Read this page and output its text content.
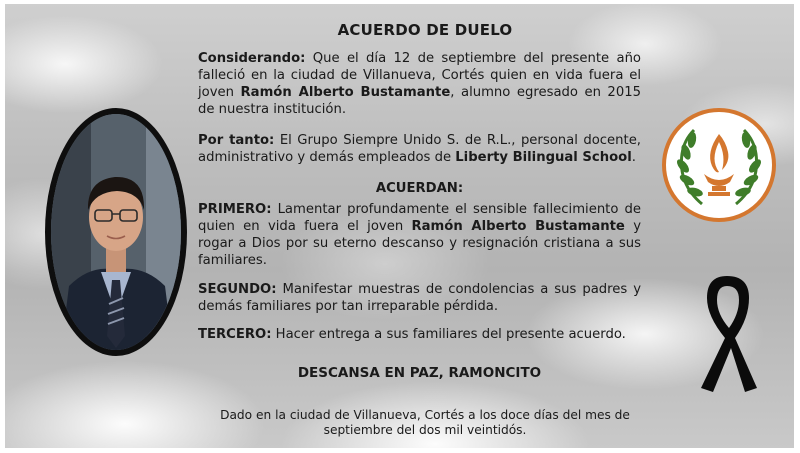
ACUERDO DE DUELO
Considerando: Que el día 12 de septiembre del presente año falleció en la ciudad de Villanueva, Cortés quien en vida fuera el joven Ramón Alberto Bustamante, alumno egresado en 2015 de nuestra institución.
Por tanto: El Grupo Siempre Unido S. de R.L., personal docente, administrativo y demás empleados de Liberty Bilingual School.
ACUERDAN:
PRIMERO: Lamentar profundamente el sensible fallecimiento de quien en vida fuera el joven Ramón Alberto Bustamante y rogar a Dios por su eterno descanso y resignación cristiana a sus familiares.
SEGUNDO: Manifestar muestras de condolencias a sus padres y demás familiares por tan irreparable pérdida.
TERCERO: Hacer entrega a sus familiares del presente acuerdo.
DESCANSA EN PAZ, RAMONCITO
Dado en la ciudad de Villanueva, Cortés a los doce días del mes de septiembre del dos mil veintidós.
